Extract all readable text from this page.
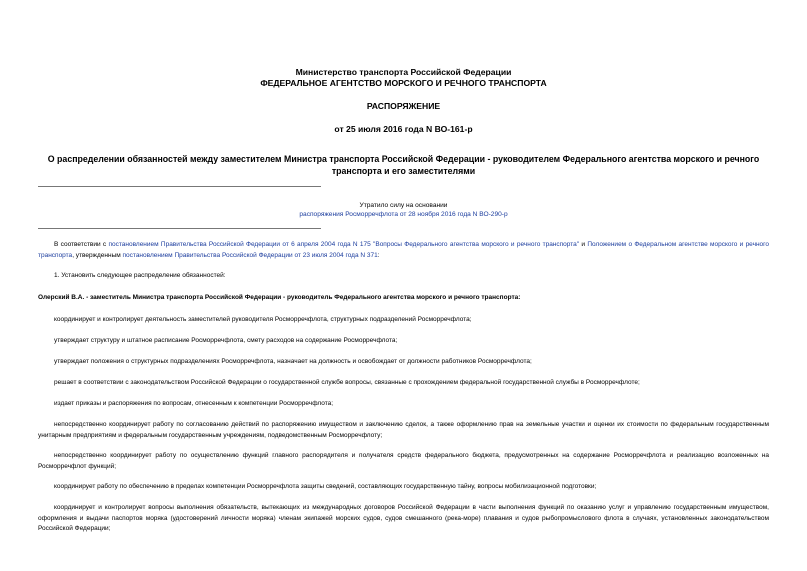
Министерство транспорта Российской Федерации
ФЕДЕРАЛЬНОЕ АГЕНТСТВО МОРСКОГО И РЕЧНОГО ТРАНСПОРТА
РАСПОРЯЖЕНИЕ
от 25 июля 2016 года N ВО-161-р
О распределении обязанностей между заместителем Министра транспорта Российской Федерации - руководителем Федерального агентства морского и речного
транспорта и его заместителями
Утратило силу на основании
распоряжения Росморречфлота от 28 ноября 2016 года N ВО-290-р
В соответствии с постановлением Правительства Российской Федерации от 6 апреля 2004 года N 175 "Вопросы Федерального агентства морского и речного транспорта" и Положением о Федеральном агентстве морского и речного транспорта, утвержденным постановлением Правительства Российской Федерации от 23 июля 2004 года N 371:
1. Установить следующее распределение обязанностей:
Олерский В.А. - заместитель Министра транспорта Российской Федерации - руководитель Федерального агентства морского и речного транспорта:
координирует и контролирует деятельность заместителей руководителя Росморречфлота, структурных подразделений Росморречфлота;
утверждает структуру и штатное расписание Росморречфлота, смету расходов на содержание Росморречфлота;
утверждает положения о структурных подразделениях Росморречфлота, назначает на должность и освобождает от должности работников Росморречфлота;
решает в соответствии с законодательством Российской Федерации о государственной службе вопросы, связанные с прохождением федеральной государственной службы в Росморречфлоте;
издает приказы и распоряжения по вопросам, отнесенным к компетенции Росморречфлота;
непосредственно координирует работу по согласованию действий по распоряжению имуществом и заключению сделок, а также оформлению прав на земельные участки и оценки их стоимости по федеральным государственным унитарным предприятиям и федеральным государственным учреждениям, подведомственным Росморречфлоту;
непосредственно координирует работу по осуществлению функций главного распорядителя и получателя средств федерального бюджета, предусмотренных на содержание Росморречфлота и реализацию возложенных на Росморречфлот функций;
координирует работу по обеспечению в пределах компетенции Росморречфлота защиты сведений, составляющих государственную тайну, вопросы мобилизационной подготовки;
координирует и контролирует вопросы выполнения обязательств, вытекающих из международных договоров Российской Федерации в части выполнения функций по оказанию услуг и управлению государственным имуществом, оформления и выдачи паспортов моряка (удостоверений личности моряка) членам экипажей морских судов, судов смешанного (река-море) плавания и судов рыбопромыслового флота в случаях, установленных законодательством Российской Федерации;
